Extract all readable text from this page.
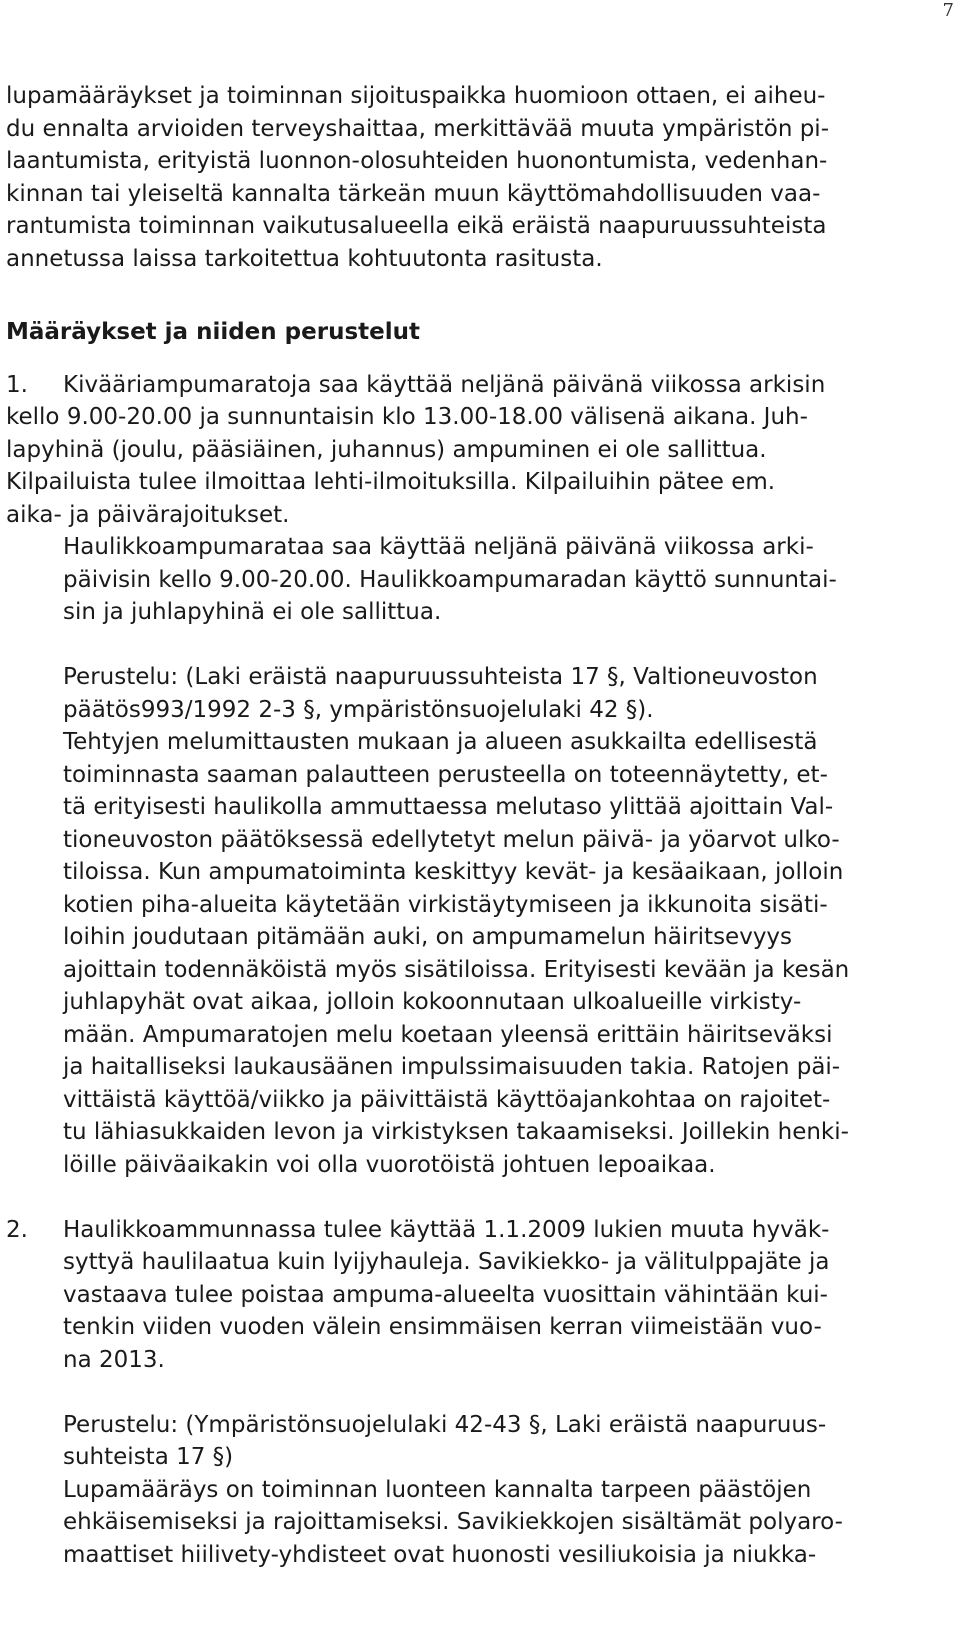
7
lupamääräykset ja toiminnan sijoituspaikka huomioon ottaen, ei aiheu-
du ennalta arvioiden terveyshaittaa, merkittävää muuta ympäristön pi-
laantumista, erityistä luonnon-olosuhteiden huonontumista, vedenhan-
kinnan tai yleiseltä kannalta tärkeän muun käyttömahdollisuuden vaa-
rantumista toiminnan vaikutusalueella eikä eräistä naapuruussuhteista
annetussa laissa tarkoitettua kohtuutonta rasitusta.
Määräykset ja niiden perustelut
1. Kivääriampumaratoja saa käyttää neljänä päivänä viikossa arkisin
kello 9.00-20.00 ja sunnuntaisin klo 13.00-18.00 välisenä aikana. Juh-
lapyhinä (joulu, pääsiäinen, juhannus) ampuminen ei ole sallittua.
Kilpailuista tulee ilmoittaa lehti-ilmoituksilla. Kilpailuihin pätee em.
aika- ja päivärajoitukset.
Haulikkoampumarataa saa käyttää neljänä päivänä viikossa arki-
päivisin kello 9.00-20.00. Haulikkoampumaradan käyttö sunnuntai-
sin ja juhlapyhinä ei ole sallittua.
Perustelu: (Laki eräistä naapuruussuhteista 17 §, Valtioneuvoston
päätös993/1992 2-3 §, ympäristönsuojelulaki 42 §).
Tehtyjen melumittausten mukaan ja alueen asukkailta edellisestä
toiminnasta saaman palautteen perusteella on toteennäytetty, et-
tä erityisesti haulikolla ammuttaessa melutaso ylittää ajoittain Val-
tioneuvoston päätöksessä edellytetyt melun päivä- ja yöarvot ulko-
tiloissa. Kun ampumatoiminta keskittyy kevät- ja kesäaikaan, jolloin
kotien piha-alueita käytetään virkistäytymiseen ja ikkunoita sisäti-
loihin joudutaan pitämään auki, on ampumamelun häiritsevyys
ajoittain todennäköistä myös sisätiloissa. Erityisesti kevään ja kesän
juhlapyhät ovat aikaa, jolloin kokoonnutaan ulkoalueille virkisty-
mään. Ampumaratojen melu koetaan yleensä erittäin häiritseväksi
ja haitalliseksi laukausäänen impulssimaisuuden takia. Ratojen päi-
vittäistä käyttöä/viikko ja päivittäistä käyttöajankohtaa on rajoitet-
tu lähiasukkaiden levon ja virkistyksen takaamiseksi. Joillekin henki-
löille päiväaikakin voi olla vuorotöistä johtuen lepoaikaa.
2. Haulikkoammunnassa tulee käyttää 1.1.2009 lukien muuta hyväk-
syttyä haulilaatua kuin lyijyhauleja. Savikiekko- ja välitulppajäte ja
vastaava tulee poistaa ampuma-alueelta vuosittain vähintään kui-
tenkin viiden vuoden välein ensimmäisen kerran viimeistään vuo-
na 2013.
Perustelu: (Ympäristönsuojelulaki 42-43 §, Laki eräistä naapuruus-
suhteista 17 §)
Lupamääräys on toiminnan luonteen kannalta tarpeen päästöjen
ehkäisemiseksi ja rajoittamiseksi. Savikiekkojen sisältämät polyaro-
maattiset hiilivety-yhdisteet ovat huonosti vesiliukoisia ja niukka-
